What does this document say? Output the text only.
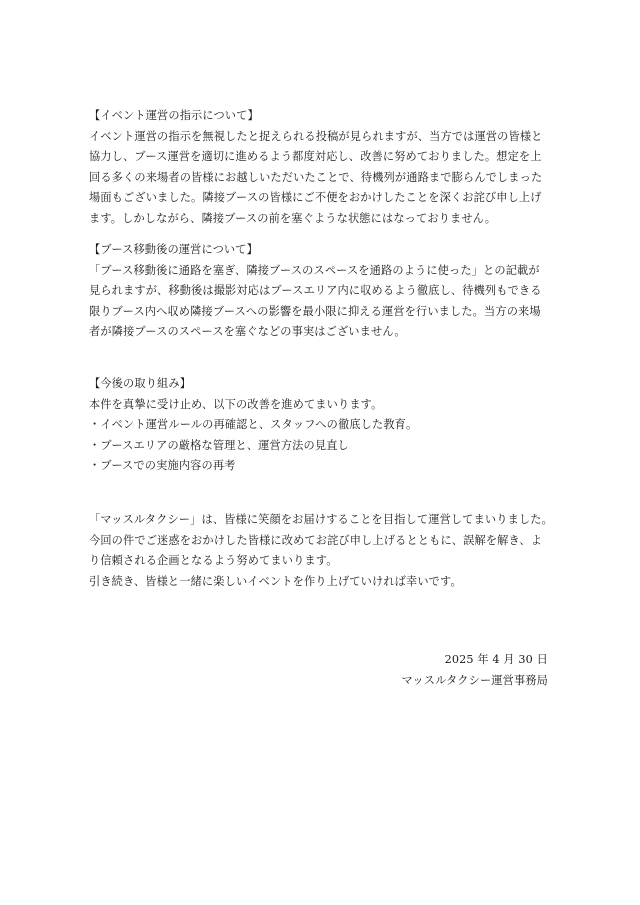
【イベント運営の指示について】
イベント運営の指示を無視したと捉えられる投稿が見られますが、当方では運営の皆様と
協力し、ブース運営を適切に進めるよう都度対応し、改善に努めておりました。想定を上
回る多くの来場者の皆様にお越しいただいたことで、待機列が通路まで膨らんでしまった
場面もございました。隣接ブースの皆様にご不便をおかけしたことを深くお詫び申し上げ
ます。しかしながら、隣接ブースの前を塞ぐような状態にはなっておりません。
【ブース移動後の運営について】
「ブース移動後に通路を塞ぎ、隣接ブースのスペースを通路のように使った」との記載が
見られますが、移動後は撮影対応はブースエリア内に収めるよう徹底し、待機列もできる
限りブース内へ収め隣接ブースへの影響を最小限に抑える運営を行いました。当方の来場
者が隣接ブースのスペースを塞ぐなどの事実はございません。
【今後の取り組み】
本件を真摯に受け止め、以下の改善を進めてまいります。
・イベント運営ルールの再確認と、スタッフへの徹底した教育。
・ブースエリアの厳格な管理と、運営方法の見直し
・ブースでの実施内容の再考
「マッスルタクシー」は、皆様に笑顔をお届けすることを目指して運営してまいりました。
今回の件でご迷惑をおかけした皆様に改めてお詫び申し上げるとともに、誤解を解き、よ
り信頼される企画となるよう努めてまいります。
引き続き、皆様と一緒に楽しいイベントを作り上げていければ幸いです。
2025 年 4 月 30 日
マッスルタクシー運営事務局
